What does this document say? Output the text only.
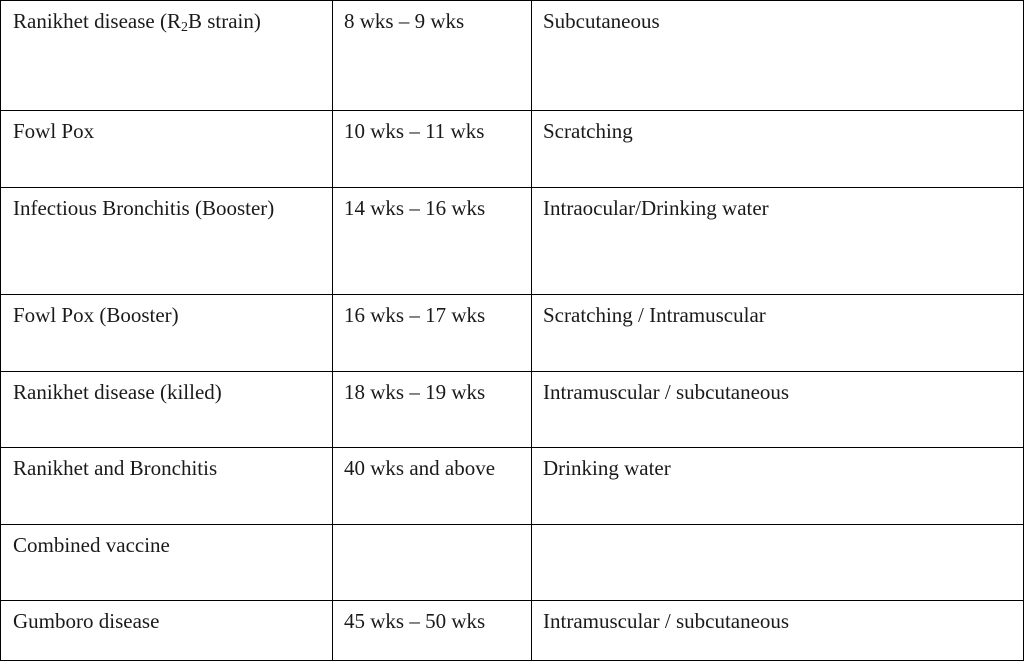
Ranikhet disease ($R_2B$ strain)	8 wks – 9 wks	Subcutaneous
Fowl Pox	10 wks – 11 wks	Scratching
Infectious Bronchitis (Booster)	14 wks – 16 wks	Intraocular/Drinking water
Fowl Pox (Booster)	16 wks – 17 wks	Scratching / Intramuscular
Ranikhet disease (killed)	18 wks – 19 wks	Intramuscular / subcutaneous
Ranikhet and Bronchitis	40 wks and above	Drinking water
Combined vaccine		
Gumboro disease	45 wks – 50 wks	Intramuscular / subcutaneous
